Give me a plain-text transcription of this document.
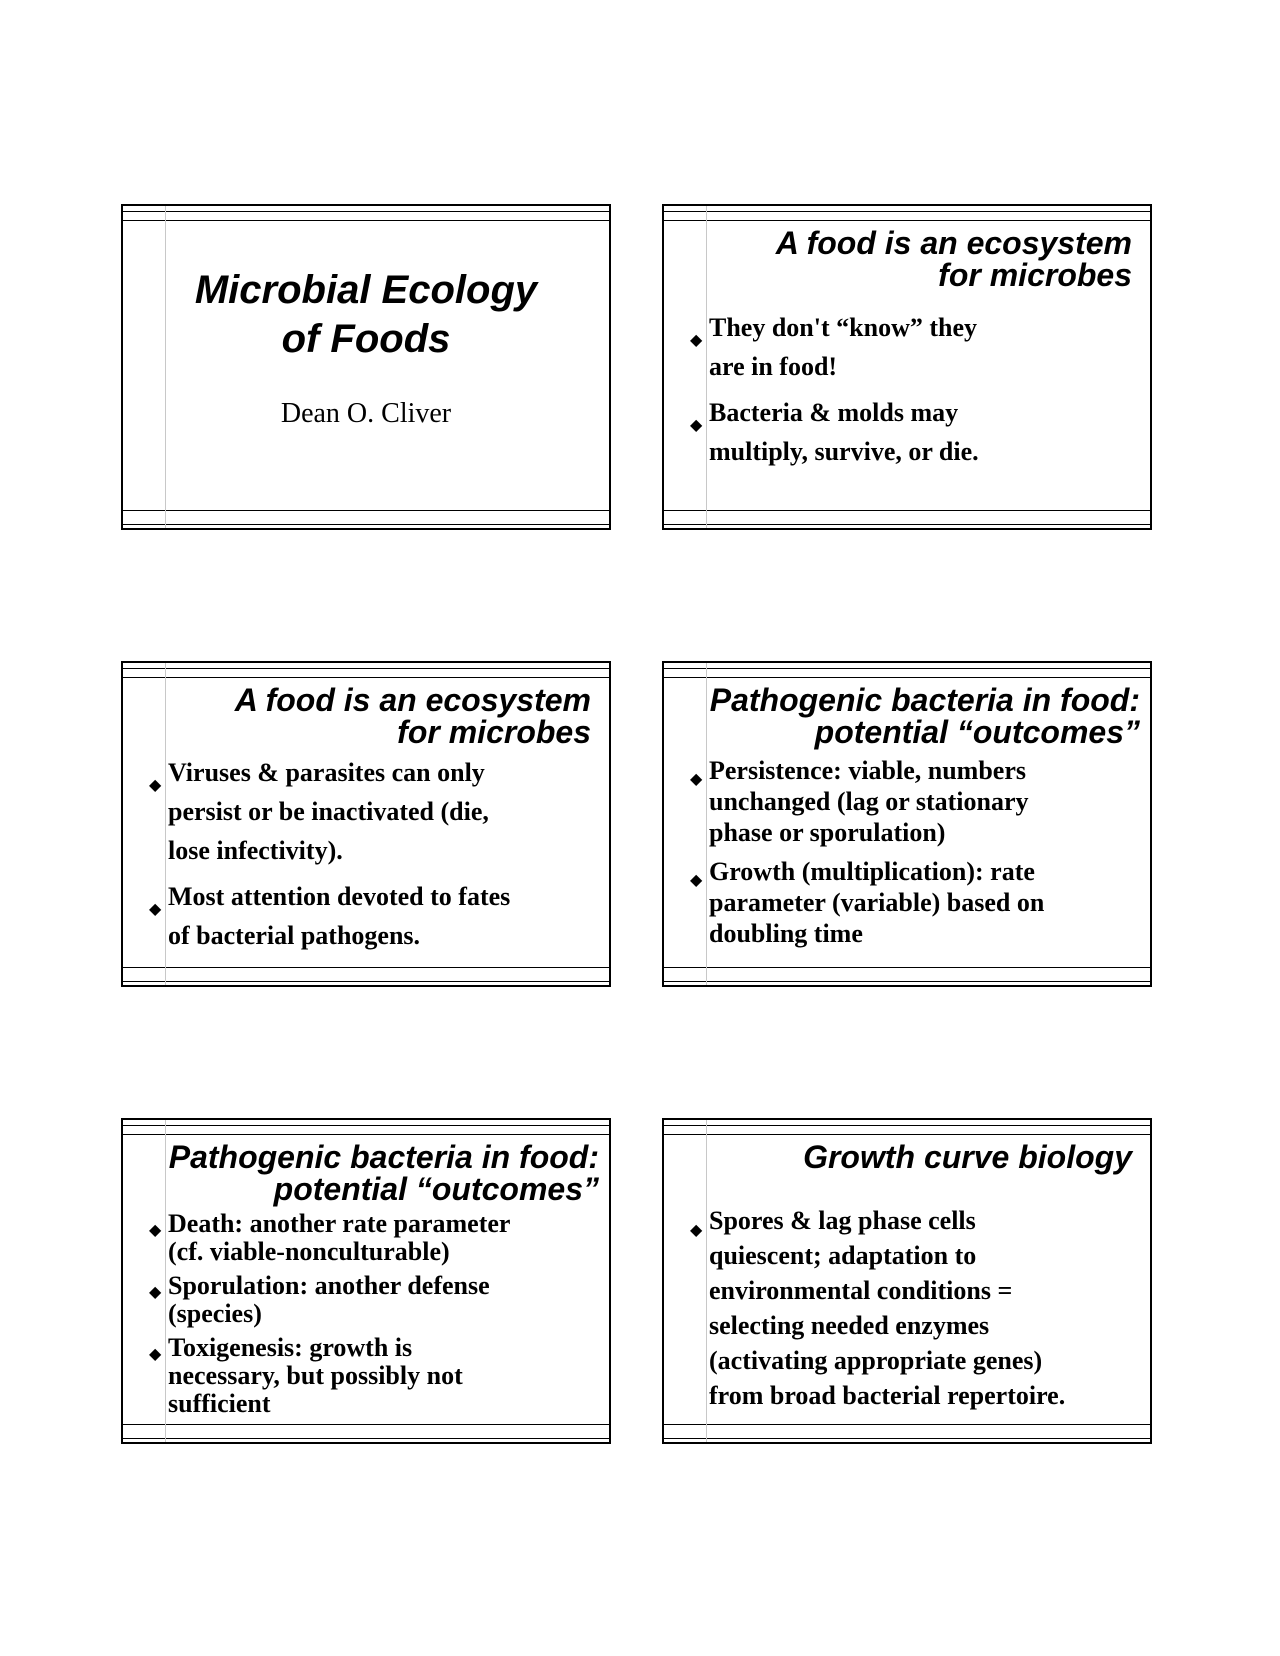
Microbial Ecology
of Foods
Dean O. Cliver
A food is an ecosystem
for microbes
◆ They don't “know” they
are in food!
◆ Bacteria & molds may
multiply, survive, or die.
A food is an ecosystem
for microbes
◆ Viruses & parasites can only
persist or be inactivated (die,
lose infectivity).
◆ Most attention devoted to fates
of bacterial pathogens.
Pathogenic bacteria in food:
potential “outcomes”
◆ Persistence: viable, numbers
unchanged (lag or stationary
phase or sporulation)
◆ Growth (multiplication): rate
parameter (variable) based on
doubling time
Pathogenic bacteria in food:
potential “outcomes”
◆ Death: another rate parameter
(cf. viable-nonculturable)
◆ Sporulation: another defense
(species)
◆ Toxigenesis: growth is
necessary, but possibly not
sufficient
Growth curve biology
◆ Spores & lag phase cells
quiescent; adaptation to
environmental conditions =
selecting needed enzymes
(activating appropriate genes)
from broad bacterial repertoire.
